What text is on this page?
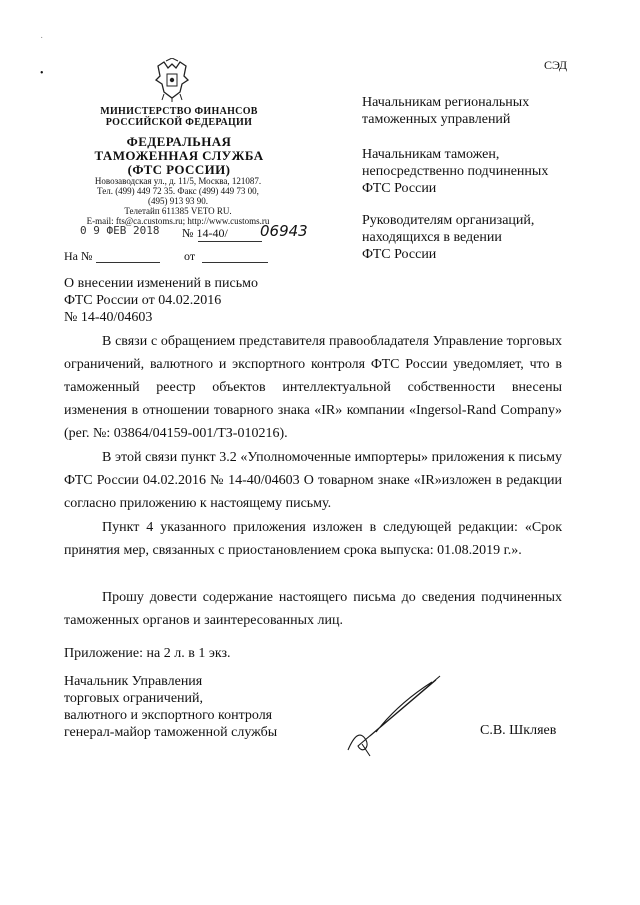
˙
•
СЭД
МИНИСТЕРСТВО ФИНАНСОВ
РОССИЙСКОЙ ФЕДЕРАЦИИ
ФЕДЕРАЛЬНАЯ
ТАМОЖЕННАЯ СЛУЖБА
(ФТС РОССИИ)
Новозаводская ул., д. 11/5, Москва, 121087.
Тел. (499) 449 72 35. Факс (499) 449 73 00,
(495) 913 93 90.
Телетайп 611385 VETO RU.
E-mail: fts@ca.customs.ru; http://www.customs.ru
0 9 ФЕВ 2018 № 14-40/ 06943
На №	от
Начальникам региональных
таможенных управлений
Начальникам таможен,
непосредственно подчиненных
ФТС России
Руководителям организаций,
находящихся в ведении
ФТС России
О внесении изменений в письмо
ФТС России от 04.02.2016
№ 14-40/04603
В связи с обращением представителя правообладателя Управление торговых ограничений, валютного и экспортного контроля ФТС России уведомляет, что в таможенный реестр объектов интеллектуальной собственности внесены изменения в отношении товарного знака «IR» компании «Ingersol-Rand Company» (рег. №: 03864/04159-001/ТЗ-010216).
В этой связи пункт 3.2 «Уполномоченные импортеры» приложения к письму ФТС России 04.02.2016 № 14-40/04603 О товарном знаке «IR»изложен в редакции согласно приложению к настоящему письму.
Пункт 4 указанного приложения изложен в следующей редакции: «Срок принятия мер, связанных с приостановлением срока выпуска: 01.08.2019 г.».
Прошу довести содержание настоящего письма до сведения подчиненных таможенных органов и заинтересованных лиц.
Приложение: на 2 л. в 1 экз.
Начальник Управления
торговых ограничений,
валютного и экспортного контроля
генерал-майор таможенной службы	С.В. Шкляев
